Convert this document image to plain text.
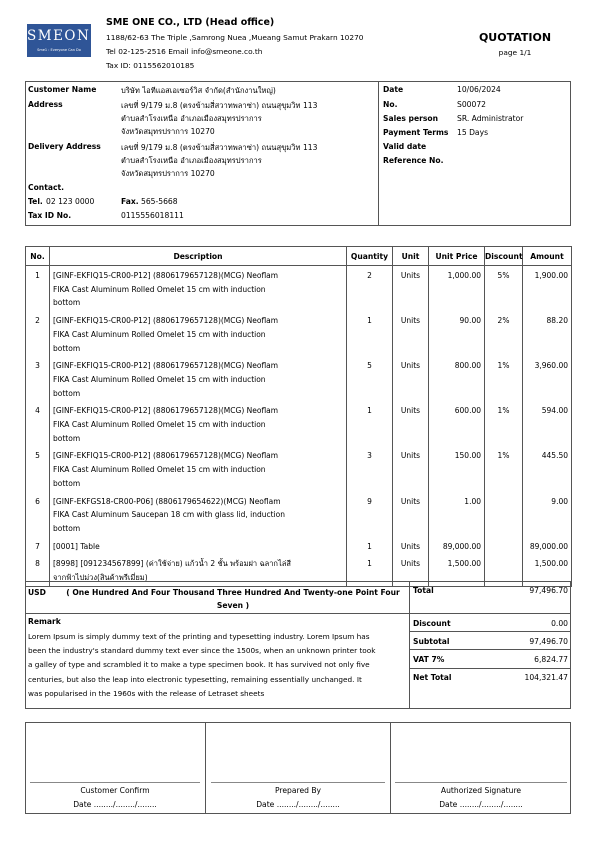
SMEONE
Sme1 : Everyone Can Do
SME ONE CO., LTD (Head office)
1188/62-63 The Triple ,Samrong Nuea ,Mueang Samut Prakarn 10270
Tel 02-125-2516 Email info@smeone.co.th
Tax ID: 0115562010185
QUOTATION
page 1/1
Customer Name	บริษัท ไอทีแอสเอเซอร์วิส จำกัด(สำนักงานใหญ่)
Address	เลขที่ 9/179 ม.8 (ตรงข้ามสี่สวาทพลาซ่า) ถนนสุขุมวิท 113
ตำบลสำโรงเหนือ อำเภอเมืองสมุทรปราการ
จังหวัดสมุทรปราการ 10270
Delivery Address	เลขที่ 9/179 ม.8 (ตรงข้ามสี่สวาทพลาซ่า) ถนนสุขุมวิท 113
ตำบลสำโรงเหนือ อำเภอเมืองสมุทรปราการ
จังหวัดสมุทรปราการ 10270
Contact.
Tel. 02 123 0000	Fax. 565-5668
Tax ID No.	0115556018111
Date	10/06/2024
No.	S00072
Sales person	SR. Administrator
Payment Terms 15 Days
Valid date
Reference No.
No.	Description	Quantity	Unit	Unit Price	Discount	Amount
1	[GINF-EKFIQ15-CR00-P12] (8806179657128)(MCG) Neoflam
FIKA Cast Aluminum Rolled Omelet 15 cm with induction
bottom	2	Units	1,000.00	5%	1,900.00
2	[GINF-EKFIQ15-CR00-P12] (8806179657128)(MCG) Neoflam
FIKA Cast Aluminum Rolled Omelet 15 cm with induction
bottom	1	Units	90.00	2%	88.20
3	[GINF-EKFIQ15-CR00-P12] (8806179657128)(MCG) Neoflam
FIKA Cast Aluminum Rolled Omelet 15 cm with induction
bottom	5	Units	800.00	1%	3,960.00
4	[GINF-EKFIQ15-CR00-P12] (8806179657128)(MCG) Neoflam
FIKA Cast Aluminum Rolled Omelet 15 cm with induction
bottom	1	Units	600.00	1%	594.00
5	[GINF-EKFIQ15-CR00-P12] (8806179657128)(MCG) Neoflam
FIKA Cast Aluminum Rolled Omelet 15 cm with induction
bottom	3	Units	150.00	1%	445.50
6	[GINF-EKFGS18-CR00-P06] (8806179654622)(MCG) Neoflam
FIKA Cast Aluminum Saucepan 18 cm with glass lid, induction
bottom	9	Units	1.00		9.00
7	[0001] Table	1	Units	89,000.00		89,000.00
8	[8998] [091234567899] (ค่าใช้จ่าย) แก้วน้ำ 2 ชั้น พร้อมฝา ฉลากไล่สี
จากฟ้าไปม่วง(สินค้าพรีเมี่ยม)	1	Units	1,500.00		1,500.00
USD	( One Hundred And Four Thousand Three Hundred And Twenty-one Point Four
Seven )
Total	97,496.70
Remark
Lorem Ipsum is simply dummy text of the printing and typesetting industry. Lorem Ipsum has
been the industry's standard dummy text ever since the 1500s, when an unknown printer took
a galley of type and scrambled it to make a type specimen book. It has survived not only five
centuries, but also the leap into electronic typesetting, remaining essentially unchanged. It
was popularised in the 1960s with the release of Letraset sheets
Discount	0.00
Subtotal	97,496.70
VAT 7%	6,824.77
Net Total	104,321.47
Customer Confirm
Date ......../......../........
Prepared By
Date ......../......../........
Authorized Signature
Date ......../......../........
